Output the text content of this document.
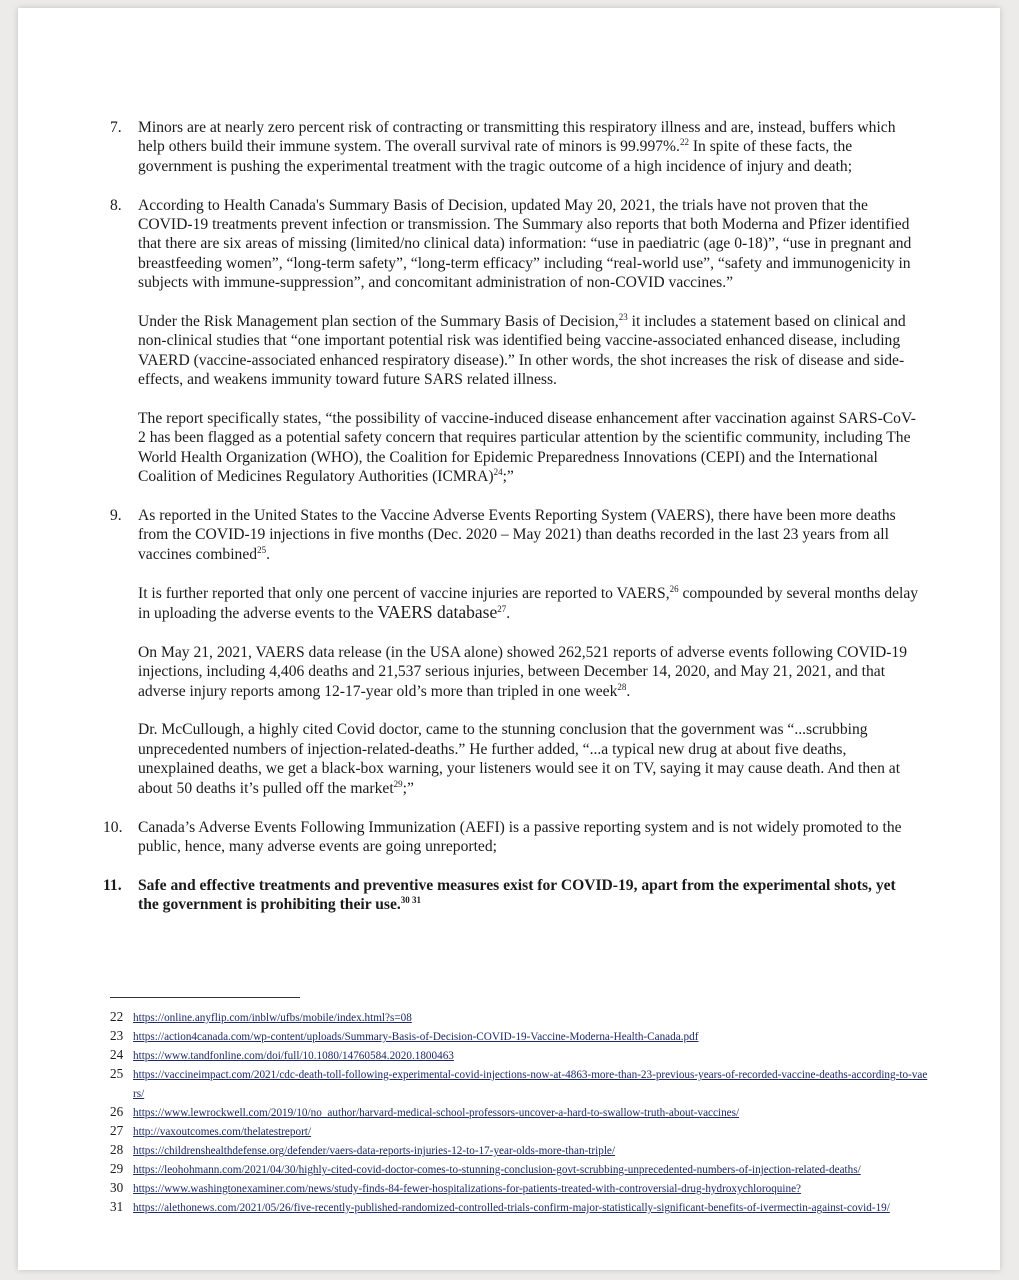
7. Minors are at nearly zero percent risk of contracting or transmitting this respiratory illness and are, instead, buffers which help others build their immune system. The overall survival rate of minors is 99.997%.$^{22}$ In spite of these facts, the government is pushing the experimental treatment with the tragic outcome of a high incidence of injury and death;

8. According to Health Canada's Summary Basis of Decision, updated May 20, 2021, the trials have not proven that the COVID-19 treatments prevent infection or transmission. The Summary also reports that both Moderna and Pfizer identified that there are six areas of missing (limited/no clinical data) information: “use in paediatric (age 0-18)”, “use in pregnant and breastfeeding women”, “long-term safety”, “long-term efficacy” including “real-world use”, “safety and immunogenicity in subjects with immune-suppression”, and concomitant administration of non-COVID vaccines.”

Under the Risk Management plan section of the Summary Basis of Decision,$^{23}$ it includes a statement based on clinical and non-clinical studies that “one important potential risk was identified being vaccine-associated enhanced disease, including VAERD (vaccine-associated enhanced respiratory disease).” In other words, the shot increases the risk of disease and side-effects, and weakens immunity toward future SARS related illness.

The report specifically states, “the possibility of vaccine-induced disease enhancement after vaccination against SARS-CoV-2 has been flagged as a potential safety concern that requires particular attention by the scientific community, including The World Health Organization (WHO), the Coalition for Epidemic Preparedness Innovations (CEPI) and the International Coalition of Medicines Regulatory Authorities (ICMRA)$^{24}$;”

9. As reported in the United States to the Vaccine Adverse Events Reporting System (VAERS), there have been more deaths from the COVID-19 injections in five months (Dec. 2020 – May 2021) than deaths recorded in the last 23 years from all vaccines combined$^{25}$.

It is further reported that only one percent of vaccine injuries are reported to VAERS,$^{26}$ compounded by several months delay in uploading the adverse events to the VAERS database$^{27}$.

On May 21, 2021, VAERS data release (in the USA alone) showed 262,521 reports of adverse events following COVID-19 injections, including 4,406 deaths and 21,537 serious injuries, between December 14, 2020, and May 21, 2021, and that adverse injury reports among 12-17-year old’s more than tripled in one week$^{28}$.

Dr. McCullough, a highly cited Covid doctor, came to the stunning conclusion that the government was “...scrubbing unprecedented numbers of injection-related-deaths.” He further added, “...a typical new drug at about five deaths, unexplained deaths, we get a black-box warning, your listeners would see it on TV, saying it may cause death. And then at about 50 deaths it’s pulled off the market$^{29}$;”

10. Canada’s Adverse Events Following Immunization (AEFI) is a passive reporting system and is not widely promoted to the public, hence, many adverse events are going unreported;

11. Safe and effective treatments and preventive measures exist for COVID-19, apart from the experimental shots, yet the government is prohibiting their use.$^{30 31}$

22 https://online.anyflip.com/inblw/ufbs/mobile/index.html?s=08
23 https://action4canada.com/wp-content/uploads/Summary-Basis-of-Decision-COVID-19-Vaccine-Moderna-Health-Canada.pdf
24 https://www.tandfonline.com/doi/full/10.1080/14760584.2020.1800463
25 https://vaccineimpact.com/2021/cdc-death-toll-following-experimental-covid-injections-now-at-4863-more-than-23-previous-years-of-recorded-vaccine-deaths-according-to-vaers/
26 https://www.lewrockwell.com/2019/10/no_author/harvard-medical-school-professors-uncover-a-hard-to-swallow-truth-about-vaccines/
27 http://vaxoutcomes.com/thelatestreport/
28 https://childrenshealthdefense.org/defender/vaers-data-reports-injuries-12-to-17-year-olds-more-than-triple/
29 https://leohohmann.com/2021/04/30/highly-cited-covid-doctor-comes-to-stunning-conclusion-govt-scrubbing-unprecedented-numbers-of-injection-related-deaths/
30 https://www.washingtonexaminer.com/news/study-finds-84-fewer-hospitalizations-for-patients-treated-with-controversial-drug-hydroxychloroquine?
31 https://alethonews.com/2021/05/26/five-recently-published-randomized-controlled-trials-confirm-major-statistically-significant-benefits-of-ivermectin-against-covid-19/
